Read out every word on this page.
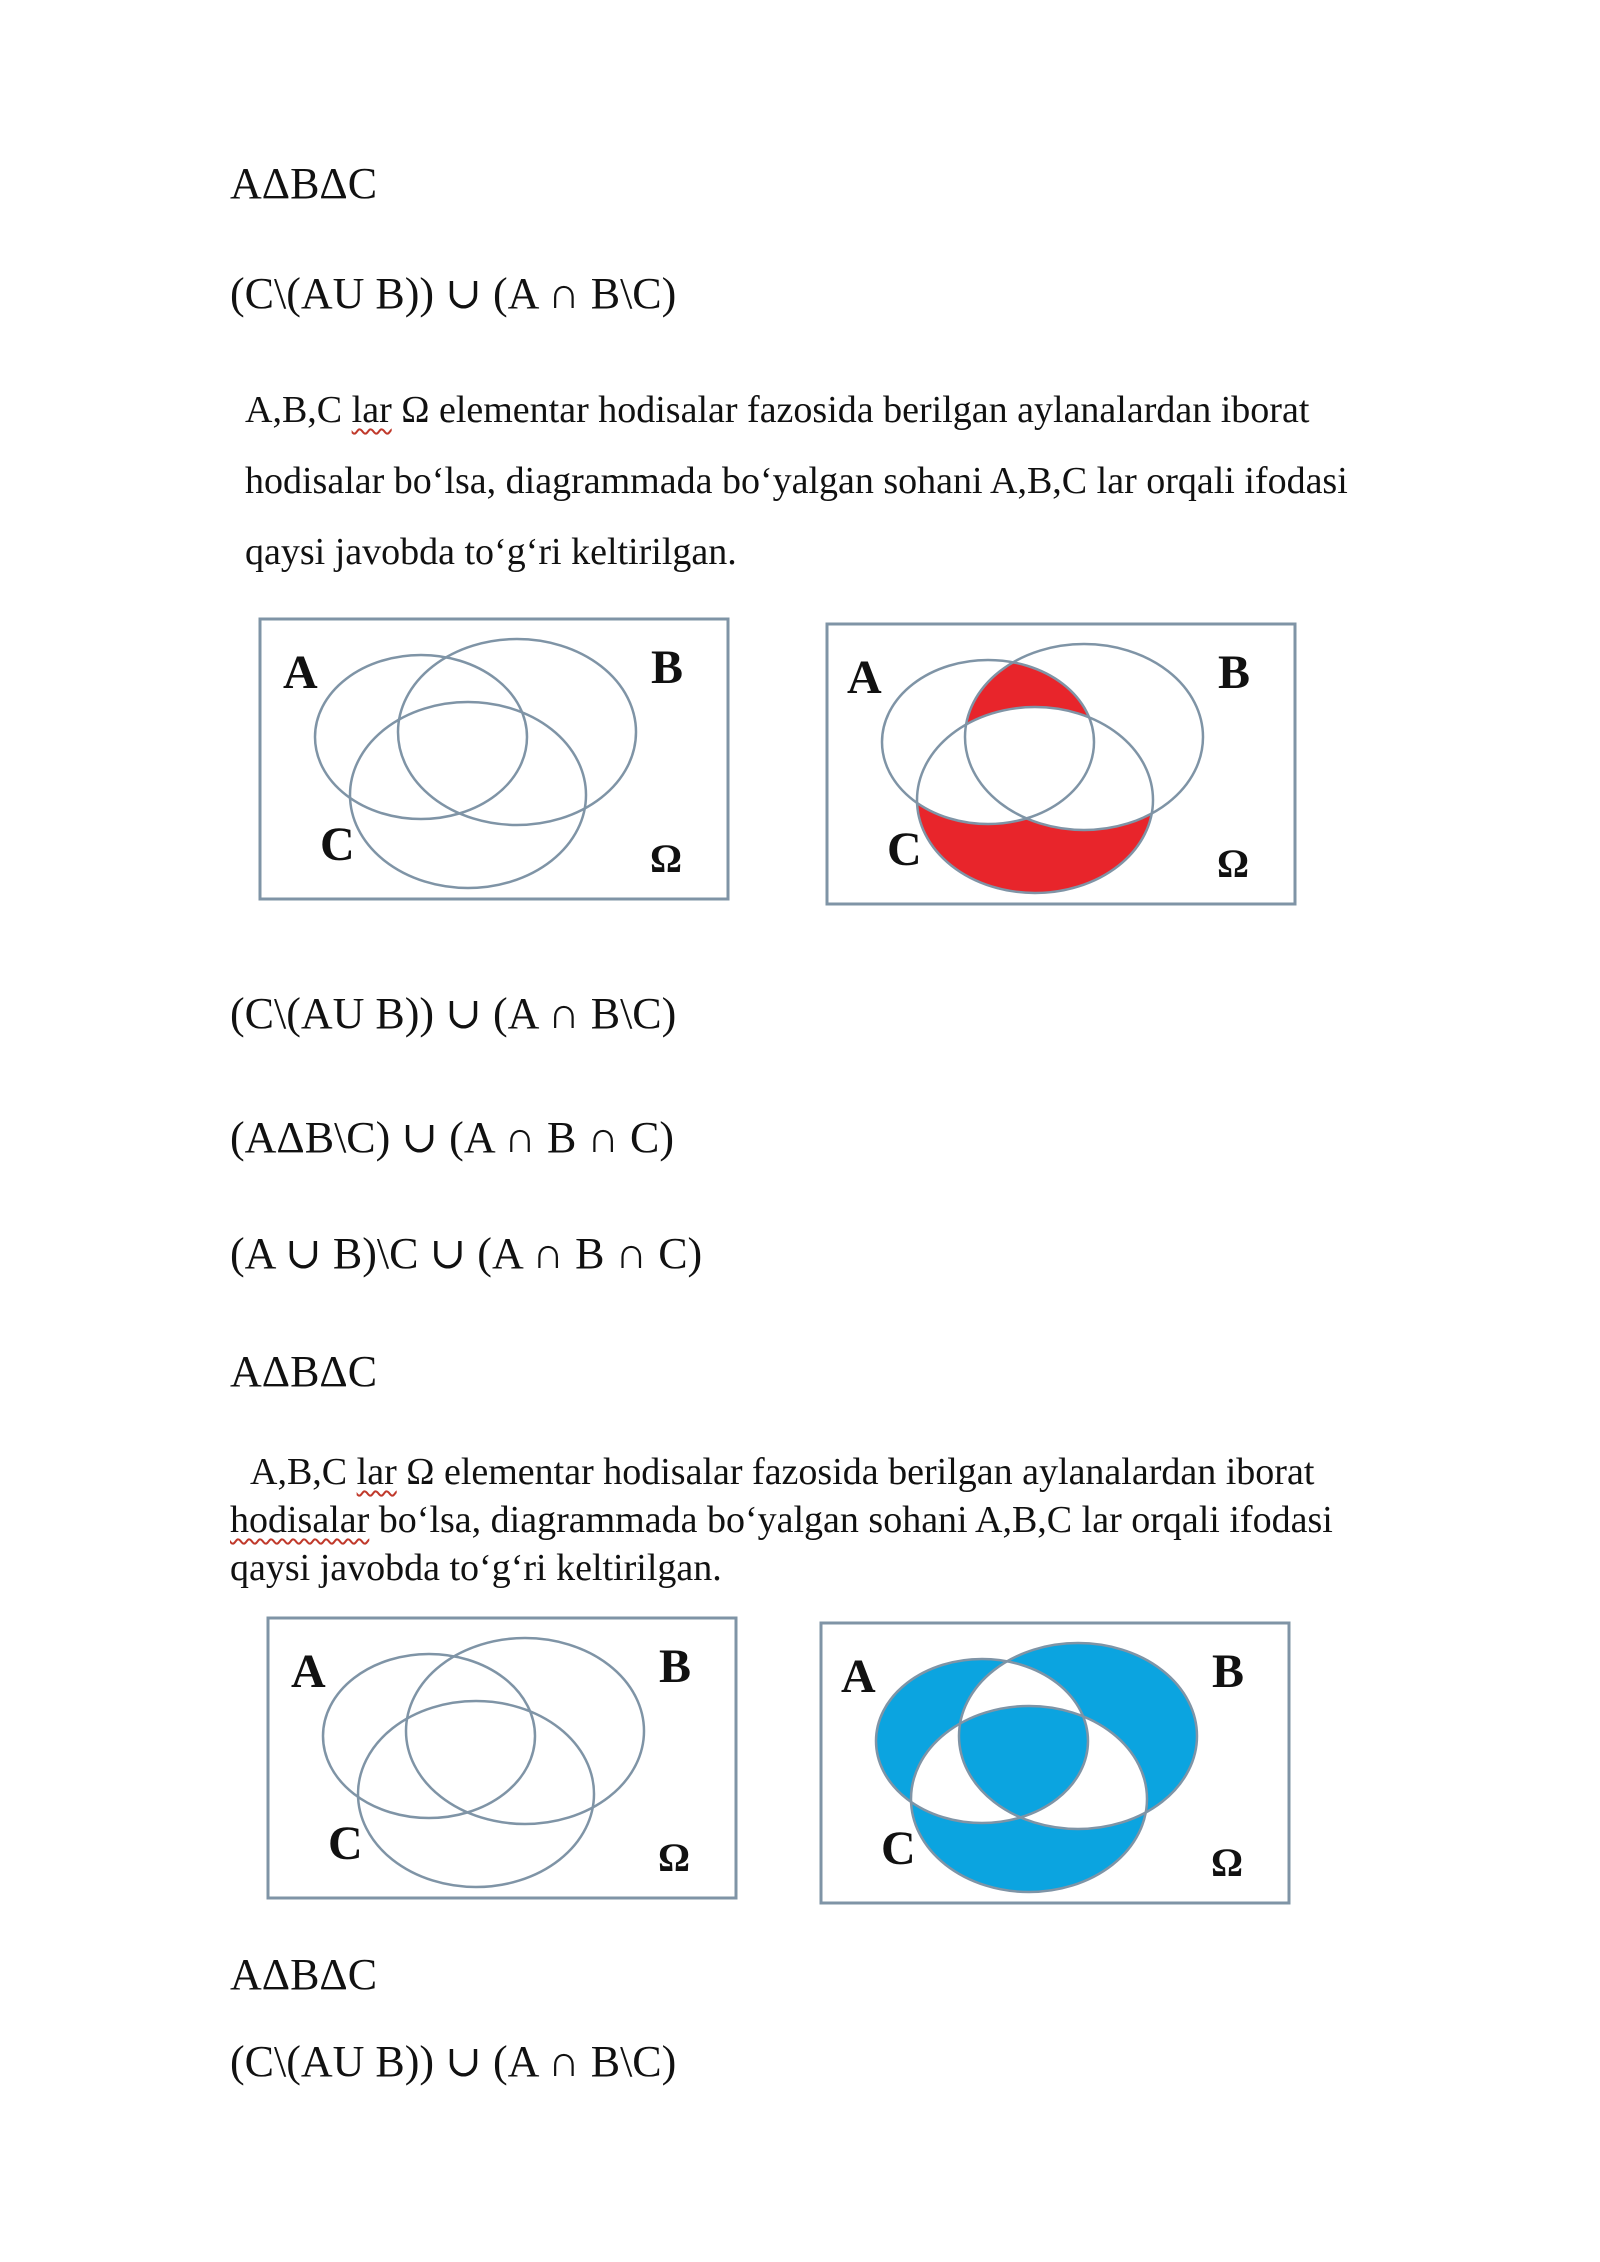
AΔBΔC
(C\(AU B)) ∪ (A ∩ B\C)
A,B,C lar Ω elementar hodisalar fazosida berilgan aylanalardan iborat
hodisalar bo‘lsa, diagrammada bo‘yalgan sohani A,B,C lar orqali ifodasi
qaysi javobda to‘g‘ri keltirilgan.
A	B
C	Ω
A	B
C	Ω
(C\(AU B)) ∪ (A ∩ B\C)
(AΔB\C) ∪ (A ∩ B ∩ C)
(A ∪ B)\C ∪ (A ∩ B ∩ C)
AΔBΔC
A,B,C lar Ω elementar hodisalar fazosida berilgan aylanalardan iborat
hodisalar bo‘lsa, diagrammada bo‘yalgan sohani A,B,C lar orqali ifodasi
qaysi javobda to‘g‘ri keltirilgan.
A	B
C	Ω
A	B
C	Ω
AΔBΔC
(C\(AU B)) ∪ (A ∩ B\C)
